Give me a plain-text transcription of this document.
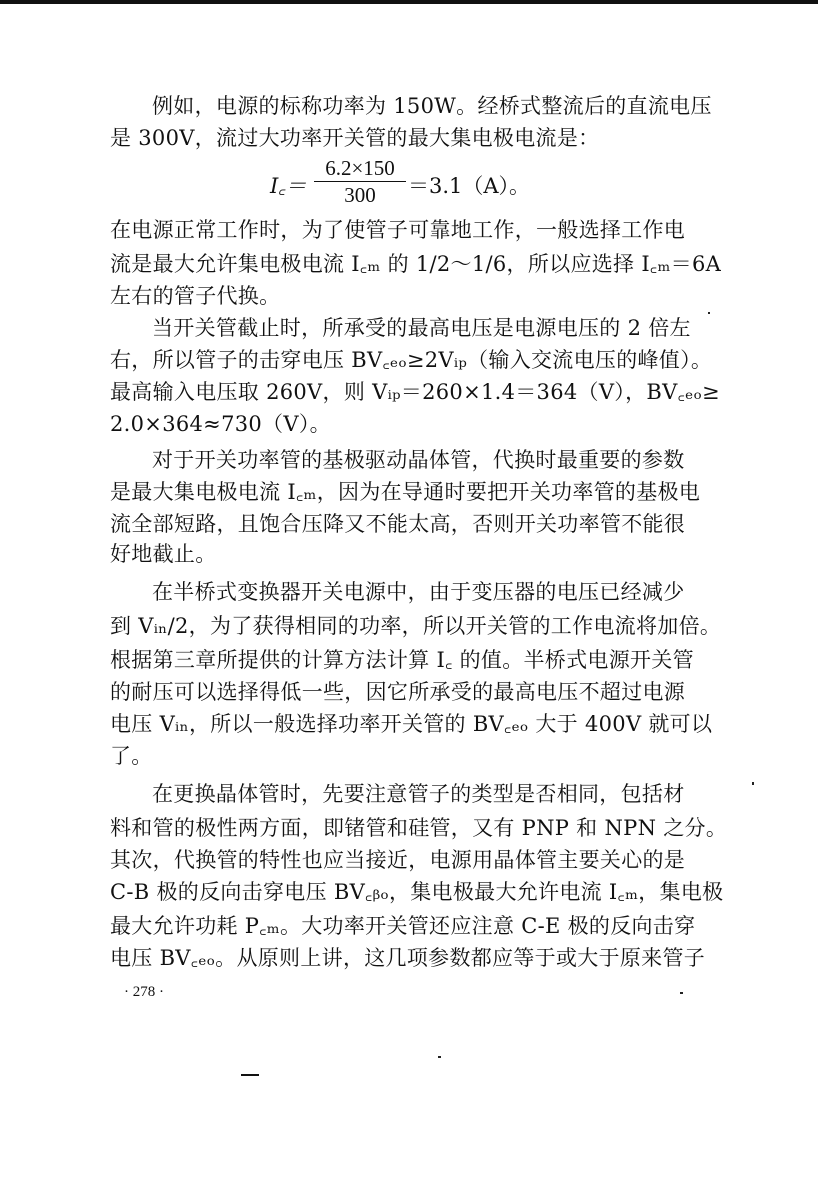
例如，电源的标称功率为 150W。经桥式整流后的直流电压
是 300V，流过大功率开关管的最大集电极电流是：
I꜀＝ $\frac{6.2\times 150}{300} =3.1(A)$。
在电源正常工作时，为了使管子可靠地工作，一般选择工作电
流是最大允许集电极电流 I꜀ₘ 的 1/2～1/6，所以应选择 I꜀ₘ＝6A
左右的管子代换。
当开关管截止时，所承受的最高电压是电源电压的 2 倍左
右，所以管子的击穿电压 BV꜀ₑₒ≥2Vᵢₚ（输入交流电压的峰值）。
最高输入电压取 260V，则 Vᵢₚ＝260×1.4＝364（V），BV꜀ₑₒ≥
2.0×364≈730（V）。
对于开关功率管的基极驱动晶体管，代换时最重要的参数
是最大集电极电流 I꜀ₘ，因为在导通时要把开关功率管的基极电
流全部短路，且饱合压降又不能太高，否则开关功率管不能很
好地截止。
在半桥式变换器开关电源中，由于变压器的电压已经减少
到 Vᵢₙ/2，为了获得相同的功率，所以开关管的工作电流将加倍。
根据第三章所提供的计算方法计算 I꜀ 的值。半桥式电源开关管
的耐压可以选择得低一些，因它所承受的最高电压不超过电源
电压 Vᵢₙ，所以一般选择功率开关管的 BV꜀ₑₒ 大于 400V 就可以
了。
在更换晶体管时，先要注意管子的类型是否相同，包括材
料和管的极性两方面，即锗管和硅管，又有 PNP 和 NPN 之分。
其次，代换管的特性也应当接近，电源用晶体管主要关心的是
C-B 极的反向击穿电压 BV꜀ᵦₒ，集电极最大允许电流 I꜀ₘ，集电极
最大允许功耗 P꜀ₘ。大功率开关管还应注意 C-E 极的反向击穿
电压 BV꜀ₑₒ。从原则上讲，这几项参数都应等于或大于原来管子
· 278 ·
